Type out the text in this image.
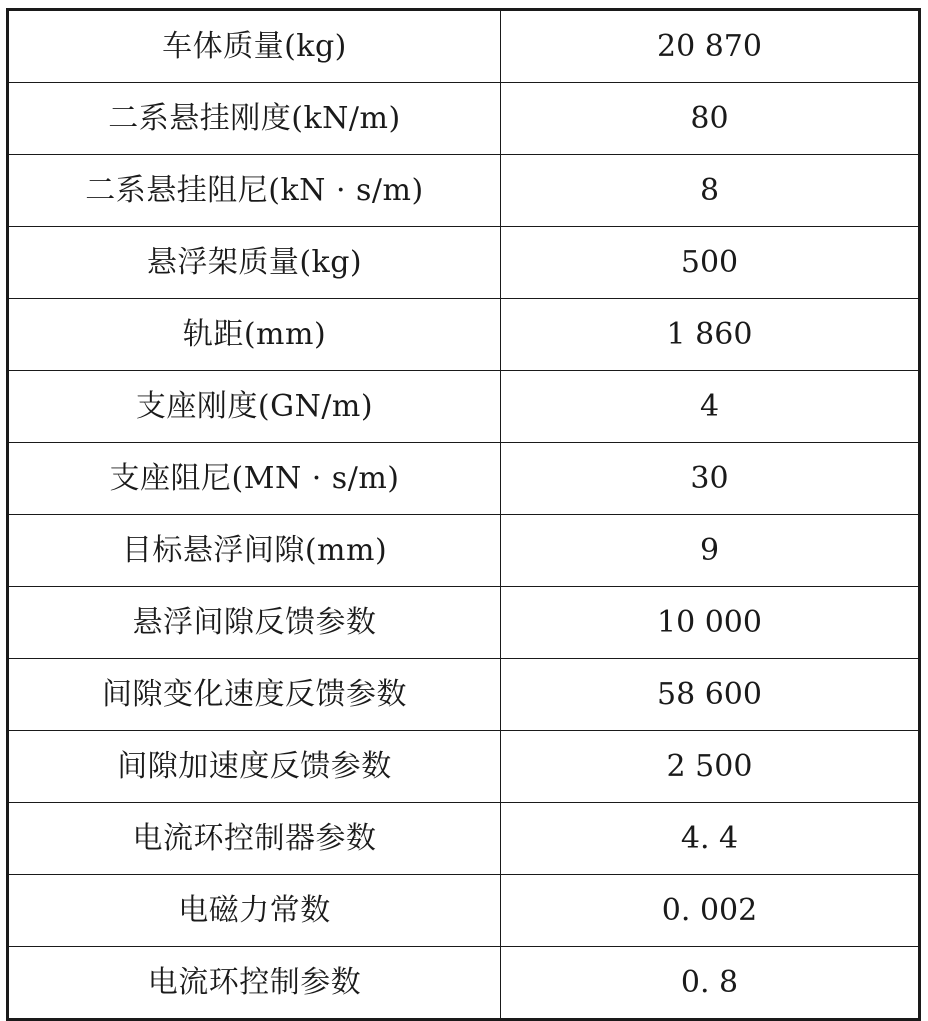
车体质量(kg)	20 870
二系悬挂刚度(kN/m)	80
二系悬挂阻尼(kN · s/m)	8
悬浮架质量(kg)	500
轨距(mm)	1 860
支座刚度(GN/m)	4
支座阻尼(MN · s/m)	30
目标悬浮间隙(mm)	9
悬浮间隙反馈参数	10 000
间隙变化速度反馈参数	58 600
间隙加速度反馈参数	2 500
电流环控制器参数	4. 4
电磁力常数	0. 002
电流环控制参数	0. 8
